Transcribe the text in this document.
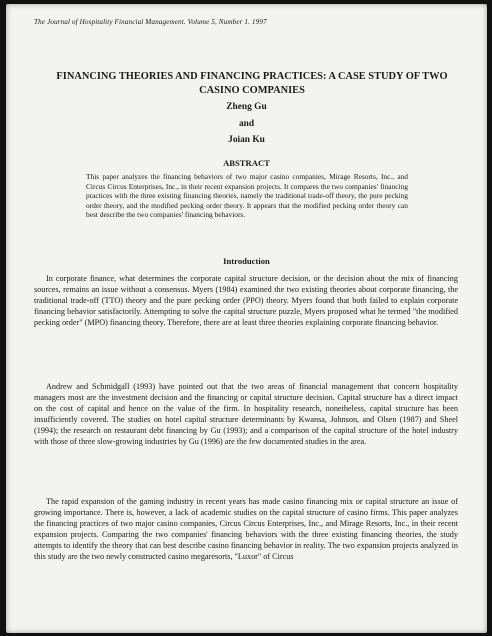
The Journal of Hospitality Financial Management. Volume 5, Number 1. 1997
FINANCING THEORIES AND FINANCING PRACTICES: A CASE STUDY OF TWO CASINO COMPANIES
Zheng Gu
and
Joian Ku
ABSTRACT
This paper analyzes the financing behaviors of two major casino companies, Mirage Resorts, Inc., and Circus Circus Enterprises, Inc., in their recent expansion projects. It compares the two companies' financing practices with the three existing financing theories, namely the traditional trade-off theory, the pure pecking order theory, and the modified pecking order theory. It appears that the modified pecking order theory can best describe the two companies' financing behaviors.
Introduction

In corporate finance, what determines the corporate capital structure decision, or the decision about the mix of financing sources, remains an issue without a consensus. Myers (1984) examined the two existing theories about corporate financing, the traditional trade-off (TTO) theory and the pure pecking order (PPO) theory. Myers found that both failed to explain corporate financing behavior satisfactorily. Attempting to solve the capital structure puzzle, Myers proposed what he termed "the modified pecking order" (MPO) financing theory. Therefore, there are at least three theories explaining corporate financing behavior.

Andrew and Schmidgall (1993) have pointed out that the two areas of financial management that concern hospitality managers most are the investment decision and the financing or capital structure decision. Capital structure has a direct impact on the cost of capital and hence on the value of the firm. In hospitality research, nonetheless, capital structure has been insufficiently covered. The studies on hotel capital structure determinants by Kwansa, Johnson, and Olsen (1987) and Sheel (1994); the research on restaurant debt financing by Gu (1993); and a comparison of the capital structure of the hotel industry with those of three slow-growing industries by Gu (1996) are the few documented studies in the area.

The rapid expansion of the gaming industry in recent years has made casino financing mix or capital structure an issue of growing importance. There is, however, a lack of academic studies on the capital structure of casino firms. This paper analyzes the financing practices of two major casino companies, Circus Circus Enterprises, Inc., and Mirage Resorts, Inc., in their recent expansion projects. Comparing the two companies' financing behaviors with the three existing financing theories, the study attempts to identify the theory that can best describe casino financing behavior in reality. The two expansion projects analyzed in this study are the two newly constructed casino megaresorts, "Luxor" of Circus
